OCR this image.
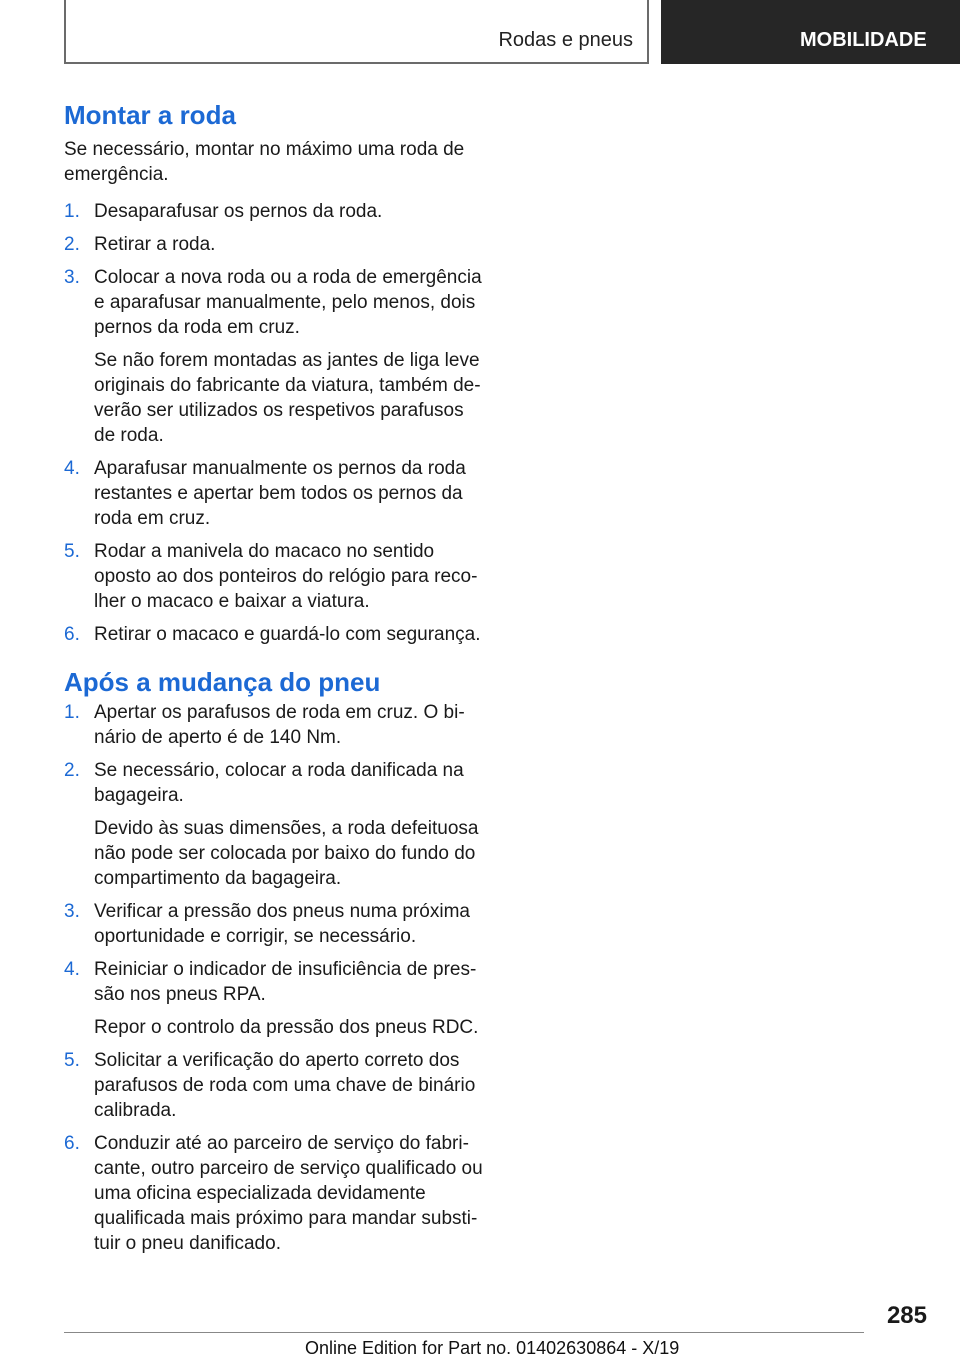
Rodas e pneus	MOBILIDADE
Montar a roda

Se necessário, montar no máximo uma roda de emergência.

1. Desaparafusar os pernos da roda.
2. Retirar a roda.
3. Colocar a nova roda ou a roda de emergência e aparafusar manualmente, pelo menos, dois pernos da roda em cruz.
Se não forem montadas as jantes de liga leve originais do fabricante da viatura, também deverão ser utilizados os respetivos parafusos de roda.
4. Aparafusar manualmente os pernos da roda restantes e apertar bem todos os pernos da roda em cruz.
5. Rodar a manivela do macaco no sentido oposto ao dos ponteiros do relógio para recolher o macaco e baixar a viatura.
6. Retirar o macaco e guardá-lo com segurança.
Após a mudança do pneu
1. Apertar os parafusos de roda em cruz. O binário de aperto é de 140 Nm.
2. Se necessário, colocar a roda danificada na bagageira.
Devido às suas dimensões, a roda defeituosa não pode ser colocada por baixo do fundo do compartimento da bagageira.
3. Verificar a pressão dos pneus numa próxima oportunidade e corrigir, se necessário.
4. Reiniciar o indicador de insuficiência de pressão nos pneus RPA.
Repor o controlo da pressão dos pneus RDC.
5. Solicitar a verificação do aperto correto dos parafusos de roda com uma chave de binário calibrada.
6. Conduzir até ao parceiro de serviço do fabricante, outro parceiro de serviço qualificado ou uma oficina especializada devidamente qualificada mais próximo para mandar substituir o pneu danificado.
285
Online Edition for Part no. 01402630864 - X/19
